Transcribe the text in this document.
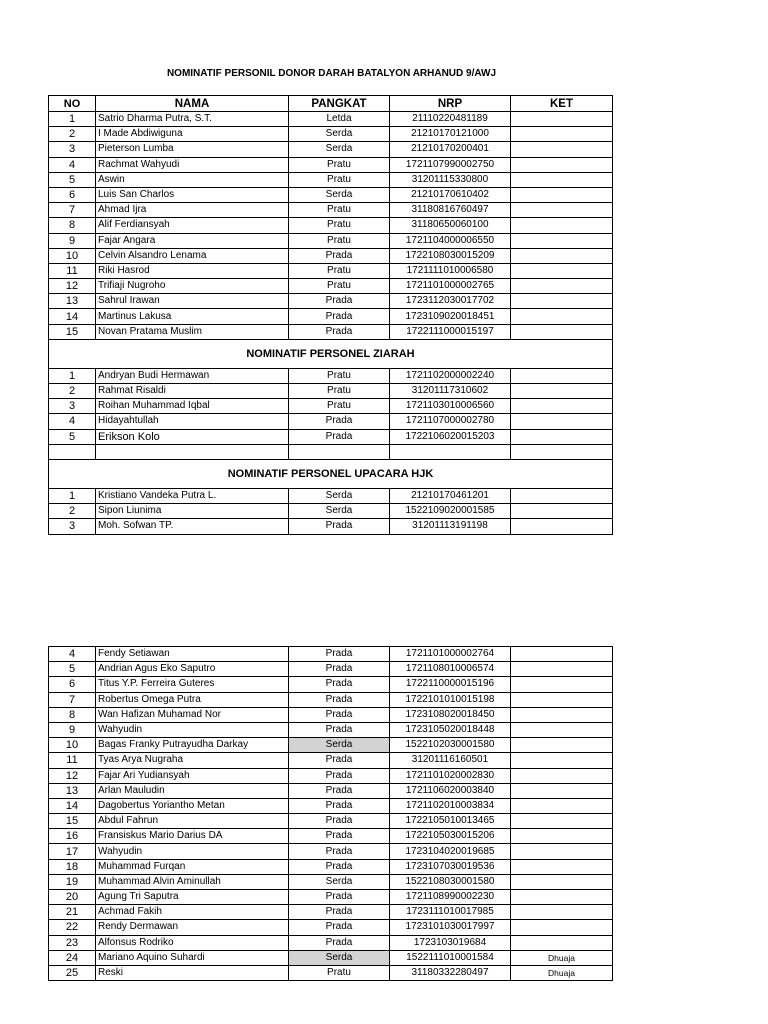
NOMINATIF PERSONIL DONOR DARAH BATALYON ARHANUD 9/AWJ
NO	NAMA	PANGKAT	NRP	KET
1	Satrio Dharma Putra, S.T.	Letda	21110220481189	
2	I Made Abdiwiguna	Serda	21210170121000	
3	Pieterson Lumba	Serda	21210170200401	
4	Rachmat Wahyudi	Pratu	1721107990002750	
5	Aswin	Pratu	31201115330800	
6	Luis San Charlos	Serda	21210170610402	
7	Ahmad Ijra	Pratu	31180816760497	
8	Alif Ferdiansyah	Pratu	31180650060100	
9	Fajar Angara	Pratu	1721104000006550	
10	Celvin Alsandro Lenama	Prada	1722108030015209	
11	Riki Hasrod	Pratu	1721111010006580	
12	Trifiaji Nugroho	Pratu	1721101000002765	
13	Sahrul Irawan	Prada	1723112030017702	
14	Martinus Lakusa	Prada	1723109020018451	
15	Novan Pratama Muslim	Prada	1722111000015197	
NOMINATIF PERSONEL ZIARAH				
1	Andryan Budi Hermawan	Pratu	1721102000002240	
2	Rahmat Risaldi	Pratu	31201117310602	
3	Roihan Muhammad Iqbal	Pratu	1721103010006560	
4	Hidayahtullah	Prada	1721107000002780	
5	Erikson Kolo	Prada	1722106020015203	

NOMINATIF PERSONEL UPACARA HJK				
1	Kristiano Vandeka Putra L.	Serda	21210170461201	
2	Sipon Liunima	Serda	1522109020001585	
3	Moh. Sofwan TP.	Prada	31201113191198	
4	Fendy Setiawan	Prada	1721101000002764	
5	Andrian Agus Eko Saputro	Prada	1721108010006574	
6	Titus Y.P. Ferreira Guteres	Prada	1722110000015196	
7	Robertus Omega Putra	Prada	1722101010015198	
8	Wan Hafizan Muhamad Nor	Prada	1723108020018450	
9	Wahyudin	Prada	1723105020018448	
10	Bagas Franky Putrayudha Darkay	Serda	1522102030001580	
11	Tyas Arya Nugraha	Prada	31201116160501	
12	Fajar Ari Yudiansyah	Prada	1721101020002830	
13	Arlan Mauludin	Prada	1721106020003840	
14	Dagobertus Yoriantho Metan	Prada	1721102010003834	
15	Abdul Fahrun	Prada	1722105010013465	
16	Fransiskus Mario Darius DA	Prada	1722105030015206	
17	Wahyudin	Prada	1723104020019685	
18	Muhammad Furqan	Prada	1723107030019536	
19	Muhammad Alvin Aminullah	Serda	1522108030001580	
20	Agung Tri Saputra	Prada	1721108990002230	
21	Achmad Fakih	Prada	1723111010017985	
22	Rendy Dermawan	Prada	1723101030017997	
23	Alfonsus Rodriko	Prada	1723103019684	
24	Mariano Aquino Suhardi	Serda	1522111010001584	Dhuaja
25	Reski	Pratu	31180332280497	Dhuaja
